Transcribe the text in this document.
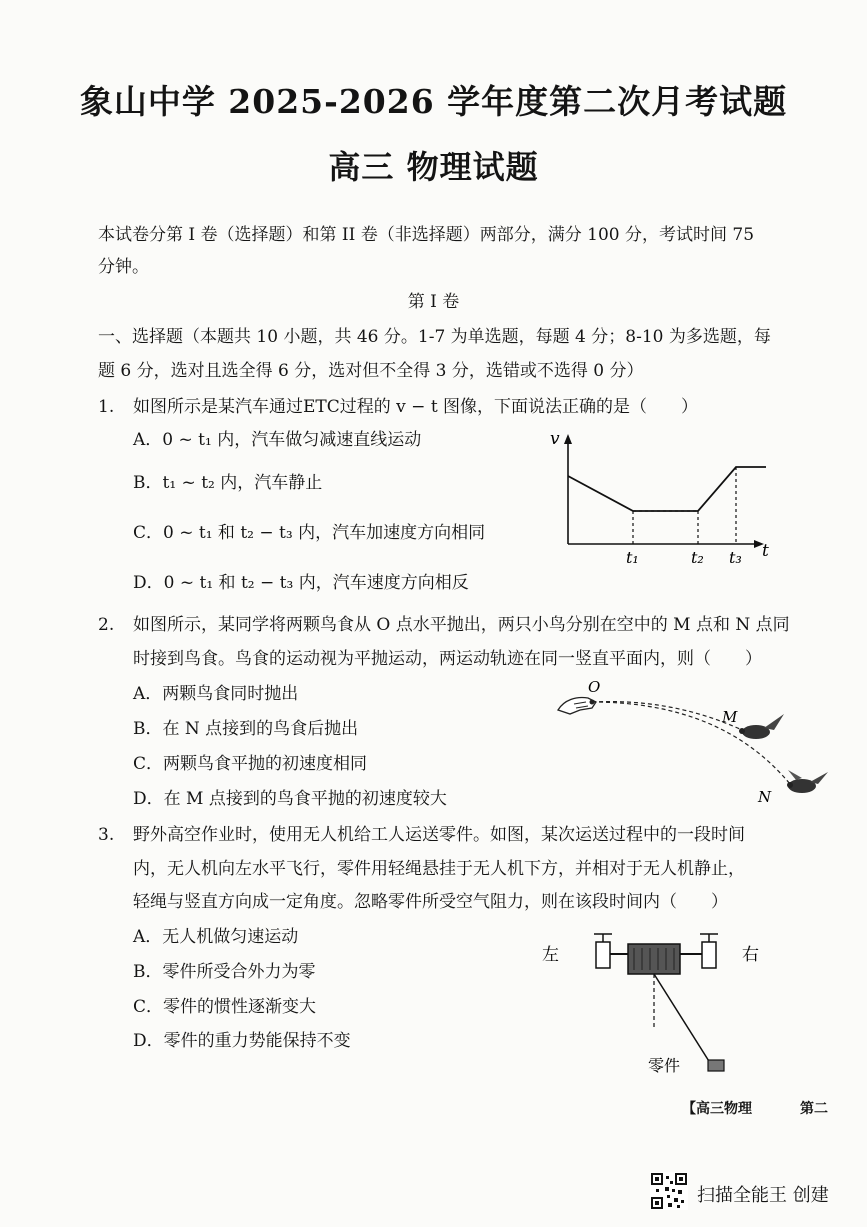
象山中学 2025-2026 学年度第二次月考试题
高三 物理试题
本试卷分第 I 卷（选择题）和第 II 卷（非选择题）两部分，满分 100 分，考试时间 75
分钟。
第 I 卷
一、选择题（本题共 10 小题，共 46 分。1-7 为单选题，每题 4 分；8-10 为多选题，每
题 6 分，选对且选全得 6 分，选对但不全得 3 分，选错或不选得 0 分）
1. 如图所示是某汽车通过ETC过程的 v − t 图像，下面说法正确的是（　　）
A．0 ~ t₁ 内，汽车做匀减速直线运动
B．t₁ ~ t₂ 内，汽车静止
C．0 ~ t₁ 和 t₂ − t₃ 内，汽车加速度方向相同
D．0 ~ t₁ 和 t₂ − t₃ 内，汽车速度方向相反
v
t
t₁	t₂ t₃
2. 如图所示，某同学将两颗鸟食从 O 点水平抛出，两只小鸟分别在空中的 M 点和 N 点同
时接到鸟食。鸟食的运动视为平抛运动，两运动轨迹在同一竖直平面内，则（　　）
A．两颗鸟食同时抛出
B．在 N 点接到的鸟食后抛出
C．两颗鸟食平抛的初速度相同
D．在 M 点接到的鸟食平抛的初速度较大
O
M
N
3. 野外高空作业时，使用无人机给工人运送零件。如图，某次运送过程中的一段时间
内，无人机向左水平飞行，零件用轻绳悬挂于无人机下方，并相对于无人机静止，
轻绳与竖直方向成一定角度。忽略零件所受空气阻力，则在该段时间内（　　）
A．无人机做匀速运动
B．零件所受合外力为零
C．零件的惯性逐渐变大
D．零件的重力势能保持不变
左	右
零件
【高三物理	第二
扫描全能王 创建
